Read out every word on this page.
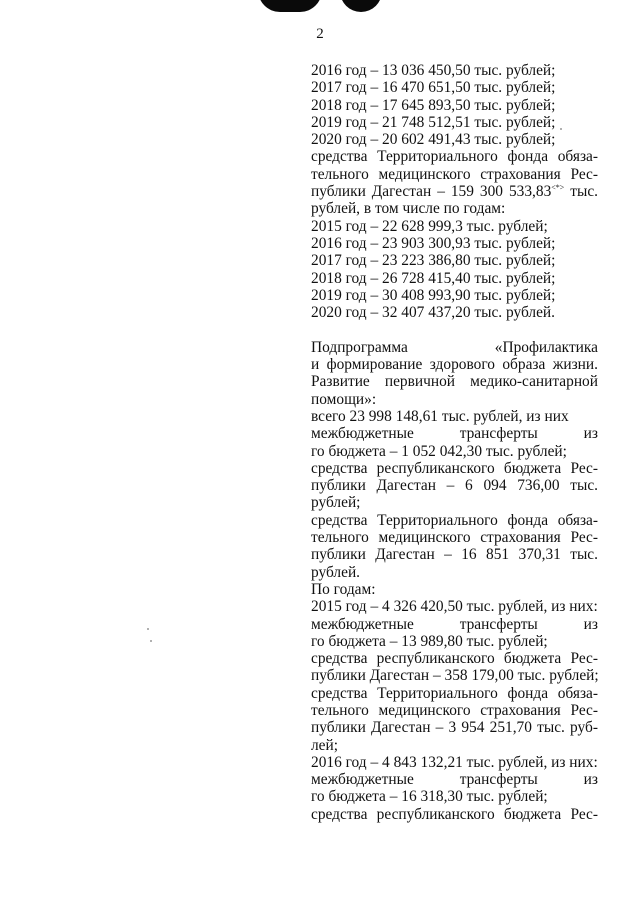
2
2016 год – 13 036 450,50 тыс. рублей;
2017 год – 16 470 651,50 тыс. рублей;
2018 год – 17 645 893,50 тыс. рублей;
2019 год – 21 748 512,51 тыс. рублей;
2020 год – 20 602 491,43 тыс. рублей;
средства Территориального фонда обяза-
тельного медицинского страхования Рес-
публики Дагестан – 159 300 533,83<*> тыс.
рублей, в том числе по годам:
2015 год – 22 628 999,3 тыс. рублей;
2016 год – 23 903 300,93 тыс. рублей;
2017 год – 23 223 386,80 тыс. рублей;
2018 год – 26 728 415,40 тыс. рублей;
2019 год – 30 408 993,90 тыс. рублей;
2020 год – 32 407 437,20 тыс. рублей.
Подпрограмма «Профилактика
и формирование здорового образа жизни.
Развитие первичной медико-санитарной
помощи»:
всего 23 998 148,61 тыс. рублей, из них
межбюджетные трансферты из
го бюджета – 1 052 042,30 тыс. рублей;
средства республиканского бюджета Рес-
публики Дагестан – 6 094 736,00 тыс.
рублей;
средства Территориального фонда обяза-
тельного медицинского страхования Рес-
публики Дагестан – 16 851 370,31 тыс.
рублей.
По годам:
2015 год – 4 326 420,50 тыс. рублей, из них:
межбюджетные трансферты из
го бюджета – 13 989,80 тыс. рублей;
средства республиканского бюджета Рес-
публики Дагестан – 358 179,00 тыс. рублей;
средства Территориального фонда обяза-
тельного медицинского страхования Рес-
публики Дагестан – 3 954 251,70 тыс. руб-
лей;
2016 год – 4 843 132,21 тыс. рублей, из них:
межбюджетные трансферты из
го бюджета – 16 318,30 тыс. рублей;
средства республиканского бюджета Рес-
